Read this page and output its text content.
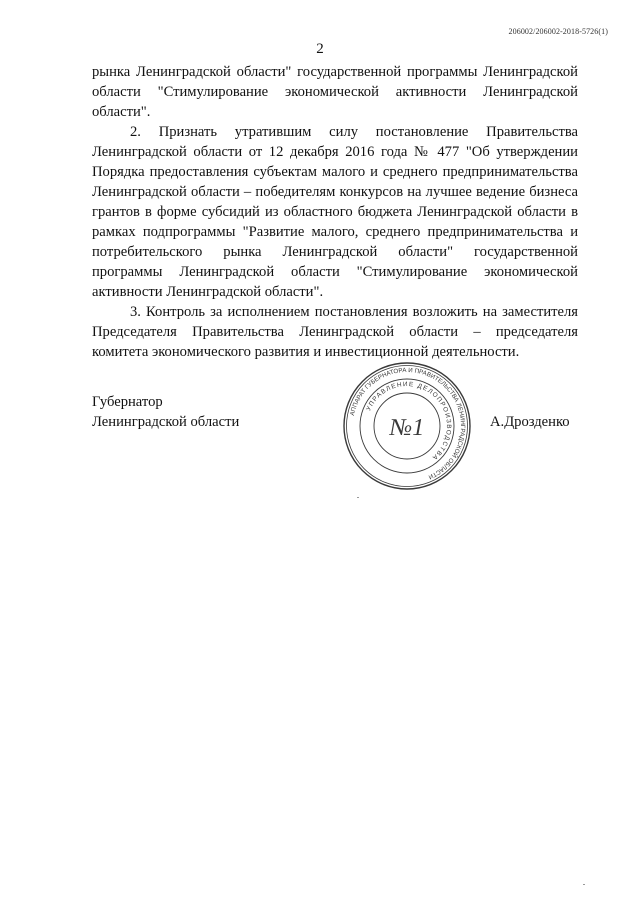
206002/206002-2018-5726(1)
2

рынка Ленинградской области" государственной программы Ленинградской области "Стимулирование экономической активности Ленинградской области".

2. Признать утратившим силу постановление Правительства Ленинградской области от 12 декабря 2016 года № 477 "Об утверждении Порядка предоставления субъектам малого и среднего предпринимательства Ленинградской области – победителям конкурсов на лучшее ведение бизнеса грантов в форме субсидий из областного бюджета Ленинградской области в рамках подпрограммы "Развитие малого, среднего предпринимательства и потребительского рынка Ленинградской области" государственной программы Ленинградской области "Стимулирование экономической активности Ленинградской области".

3. Контроль за исполнением постановления возложить на заместителя Председателя Правительства Ленинградской области – председателя комитета экономического развития и инвестиционной деятельности.

Губернатор
Ленинградской области
АППАРАТ ГУБЕРНАТОРА И ПРАВИТЕЛЬСТВА ЛЕНИНГРАДСКОЙ ОБЛАСТИ
УПРАВЛЕНИЕ ДЕЛОПРОИЗВОДСТВА
№1	А.Дрозденко
